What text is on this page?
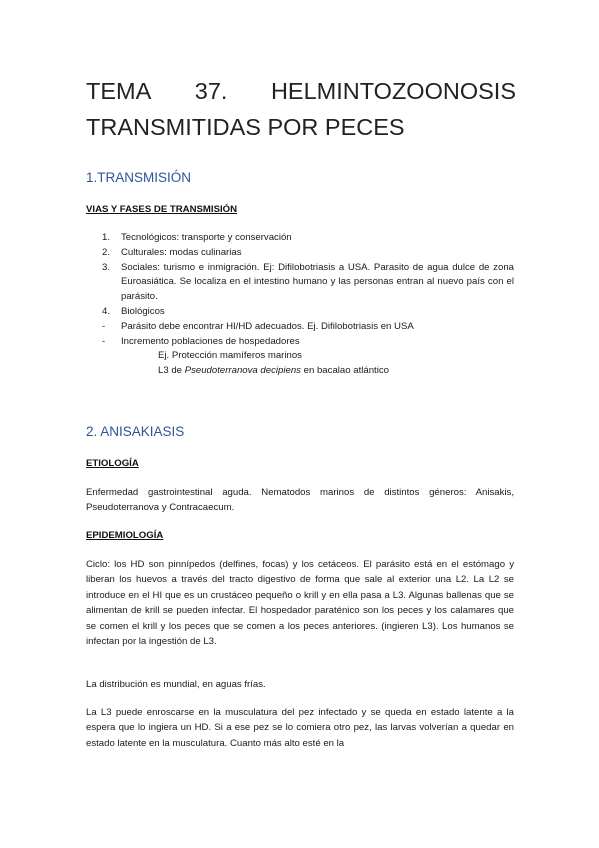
TEMA 37. HELMINTOZOONOSIS
TRANSMITIDAS POR PECES
1.TRANSMISIÓN
VIAS Y FASES DE TRANSMISIÓN
1.	Tecnológicos: transporte y conservación
2.	Culturales: modas culinarias
3.	Sociales: turismo e inmigración. Ej: Difilobotriasis a USA. Parasito de agua dulce de zona Euroasiática. Se localiza en el intestino humano y las personas entran al nuevo país con el parásito.
4.	Biológicos
-	Parásito debe encontrar HI/HD adecuados. Ej. Difilobotriasis en USA
-	Incremento poblaciones de hospedadores
Ej. Protección mamíferos marinos
L3 de Pseudoterranova decipiens en bacalao atlántico
2. ANISAKIASIS
ETIOLOGÍA

Enfermedad gastrointestinal aguda. Nematodos marinos de distintos géneros: Anisakis, Pseudoterranova y Contracaecum.

EPIDEMIOLOGÍA

Ciclo: los HD son pinnípedos (delfines, focas) y los cetáceos. El parásito está en el estómago y liberan los huevos a través del tracto digestivo de forma que sale al exterior una L2. La L2 se introduce en el HI que es un crustáceo pequeño o krill y en ella pasa a L3. Algunas ballenas que se alimentan de krill se pueden infectar. El hospedador paraténico son los peces y los calamares que se comen el krill y los peces que se comen a los peces anteriores. (ingieren L3). Los humanos se infectan por la ingestión de L3.

La distribución es mundial, en aguas frías.

La L3 puede enroscarse en la musculatura del pez infectado y se queda en estado latente a la espera que lo ingiera un HD. Si a ese pez se lo comiera otro pez, las larvas volverían a quedar en estado latente en la musculatura. Cuanto más alto esté en la
